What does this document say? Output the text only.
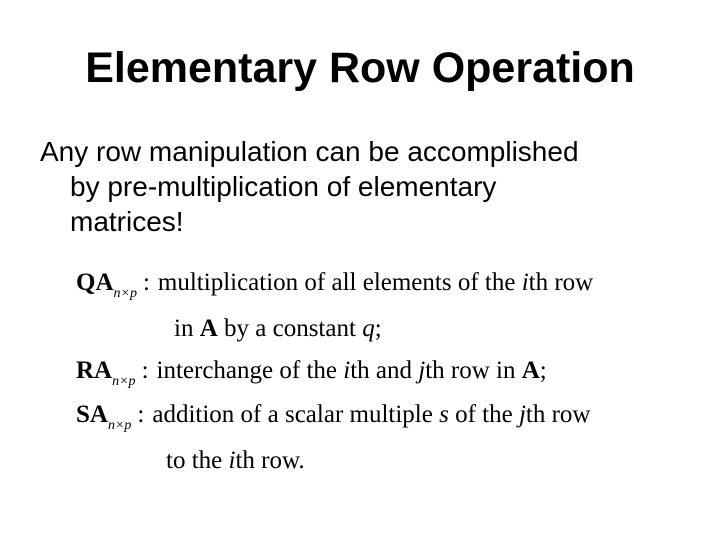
Elementary Row Operation
Any row manipulation can be accomplished
by pre-multiplication of elementary
matrices!
$QA_{n\times p}$ : multiplication of all elements of the ith row
in A by a constant q;
$RA_{n\times p}$ : interchange of the ith and jth row in A;
$SA_{n\times p}$ : addition of a scalar multiple s of the jth row
to the ith row.
